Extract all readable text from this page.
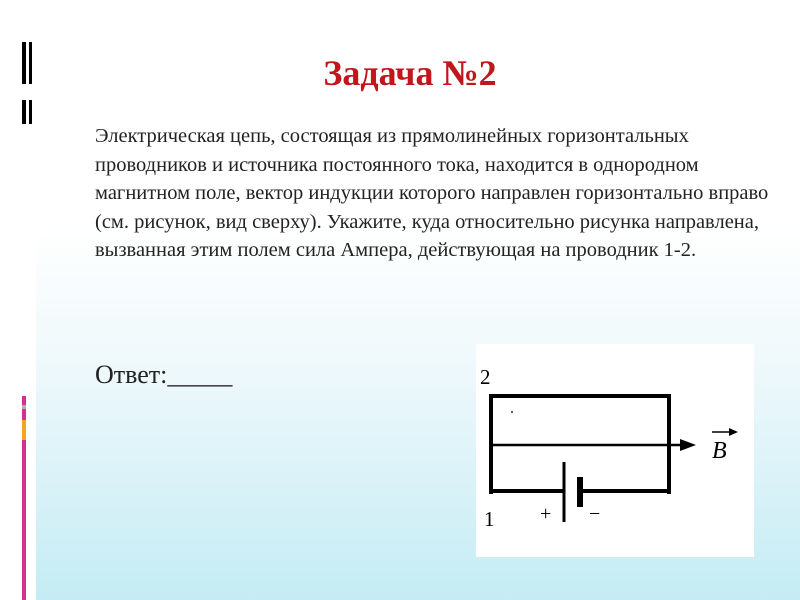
Задача №2

Электрическая цепь, состоящая из прямолинейных горизонтальных проводников и источника постоянного тока, находится в однородном магнитном поле, вектор индукции которого направлен горизонтально вправо (см. рисунок, вид сверху). Укажите, куда относительно рисунка направлена, вызванная этим полем сила Ампера, действующая на проводник 1-2.

Ответ:_____	2
1
B
+ −
